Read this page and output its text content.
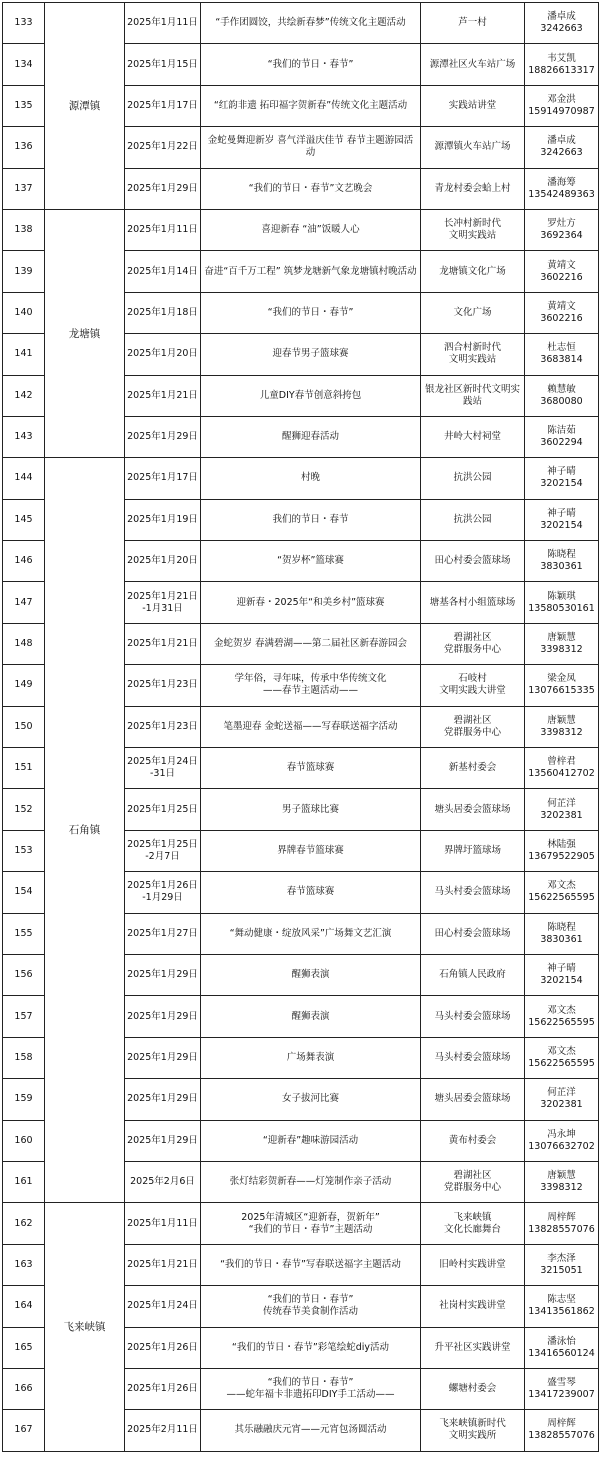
133	源潭镇	2025年1月11日	“手作团圆饺，共绘新春梦”传统文化主题活动	芦一村	潘卓成
3242663
134		2025年1月15日	“我们的节日・春节”	源潭社区火车站广场	韦艾凯
18826613317
135		2025年1月17日	“红韵非遗 拓印福字贺新春”传统文化主题活动	实践站讲堂	邓金洪
15914970987
136		2025年1月22日	金蛇曼舞迎新岁 喜气洋溢庆佳节 春节主题游园活动	源潭镇火车站广场	潘卓成
3242663
137		2025年1月29日	“我们的节日・春节”文艺晚会	青龙村委会蛤上村	潘海筹
13542489363
138	龙塘镇	2025年1月11日	喜迎新春 “油”饭暖人心	长冲村新时代
文明实践站	罗灶方
3692364
139		2025年1月14日	奋进“百千万工程” 筑梦龙塘新气象龙塘镇村晚活动	龙塘镇文化广场	黄靖文
3602216
140		2025年1月18日	“我们的节日・春节”	文化广场	黄靖文
3602216
141		2025年1月20日	迎春节男子篮球赛	泗合村新时代
文明实践站	杜志恒
3683814
142		2025年1月21日	儿童DIY春节创意斜挎包	银龙社区新时代文明实践站	赖慧敏
3680080
143		2025年1月29日	醒狮迎春活动	井岭大村祠堂	陈洁茹
3602294
144	石角镇	2025年1月17日	村晚	抗洪公园	神子晴
3202154
145		2025年1月19日	我们的节日・春节	抗洪公园	神子晴
3202154
146		2025年1月20日	“贺岁杯”篮球赛	田心村委会篮球场	陈晓程
3830361
147		2025年1月21日
-1月31日	迎新春・2025年“和美乡村”篮球赛	塘基各村小组篮球场	陈颖琪
13580530161
148		2025年1月21日	金蛇贺岁 春满碧湖——第二届社区新春游园会	碧湖社区
党群服务中心	唐颖慧
3398312
149		2025年1月23日	学年俗，寻年味，传承中华传统文化
——春节主题活动——	石岐村
文明实践大讲堂	梁金凤
13076615335
150		2025年1月23日	笔墨迎春 金蛇送福——写春联送福字活动	碧湖社区
党群服务中心	唐颖慧
3398312
151		2025年1月24日
-31日	春节篮球赛	新基村委会	曾梓君
13560412702
152		2025年1月25日	男子篮球比赛	塘头居委会篮球场	何芷洋
3202381
153		2025年1月25日
-2月7日	界牌春节篮球赛	界牌圩篮球场	林陆强
13679522905
154		2025年1月26日
-1月29日	春节篮球赛	马头村委会篮球场	邓文杰
15622565595
155		2025年1月27日	“舞动健康・绽放风采”广场舞文艺汇演	田心村委会篮球场	陈晓程
3830361
156		2025年1月29日	醒狮表演	石角镇人民政府	神子晴
3202154
157		2025年1月29日	醒狮表演	马头村委会篮球场	邓文杰
15622565595
158		2025年1月29日	广场舞表演	马头村委会篮球场	邓文杰
15622565595
159		2025年1月29日	女子拔河比赛	塘头居委会篮球场	何芷洋
3202381
160		2025年1月29日	“迎新春”趣味游园活动	黄布村委会	冯永坤
13076632702
161		2025年2月6日	张灯结彩贺新春——灯笼制作亲子活动	碧湖社区
党群服务中心	唐颖慧
3398312
162	飞来峡镇	2025年1月11日	2025年清城区“迎新春，贺新年”
“我们的节日・春节”主题活动	飞来峡镇
文化长廊舞台	周梓辉
13828557076
163		2025年1月21日	“我们的节日・春节”写春联送福字主题活动	旧岭村实践讲堂	李杰泽
3215051
164		2025年1月24日	“我们的节日・春节”
传统春节美食制作活动	社岗村实践讲堂	陈志坚
13413561862
165		2025年1月26日	“我们的节日・春节”彩笔绘蛇diy活动	升平社区实践讲堂	潘泳怡
13416560124
166		2025年1月26日	“我们的节日・春节”
——蛇年福卡非遗拓印DIY手工活动——	螺塘村委会	盛雪琴
13417239007
167		2025年2月11日	其乐融融庆元宵——元宵包汤圆活动	飞来峡镇新时代
文明实践所	周梓辉
13828557076
